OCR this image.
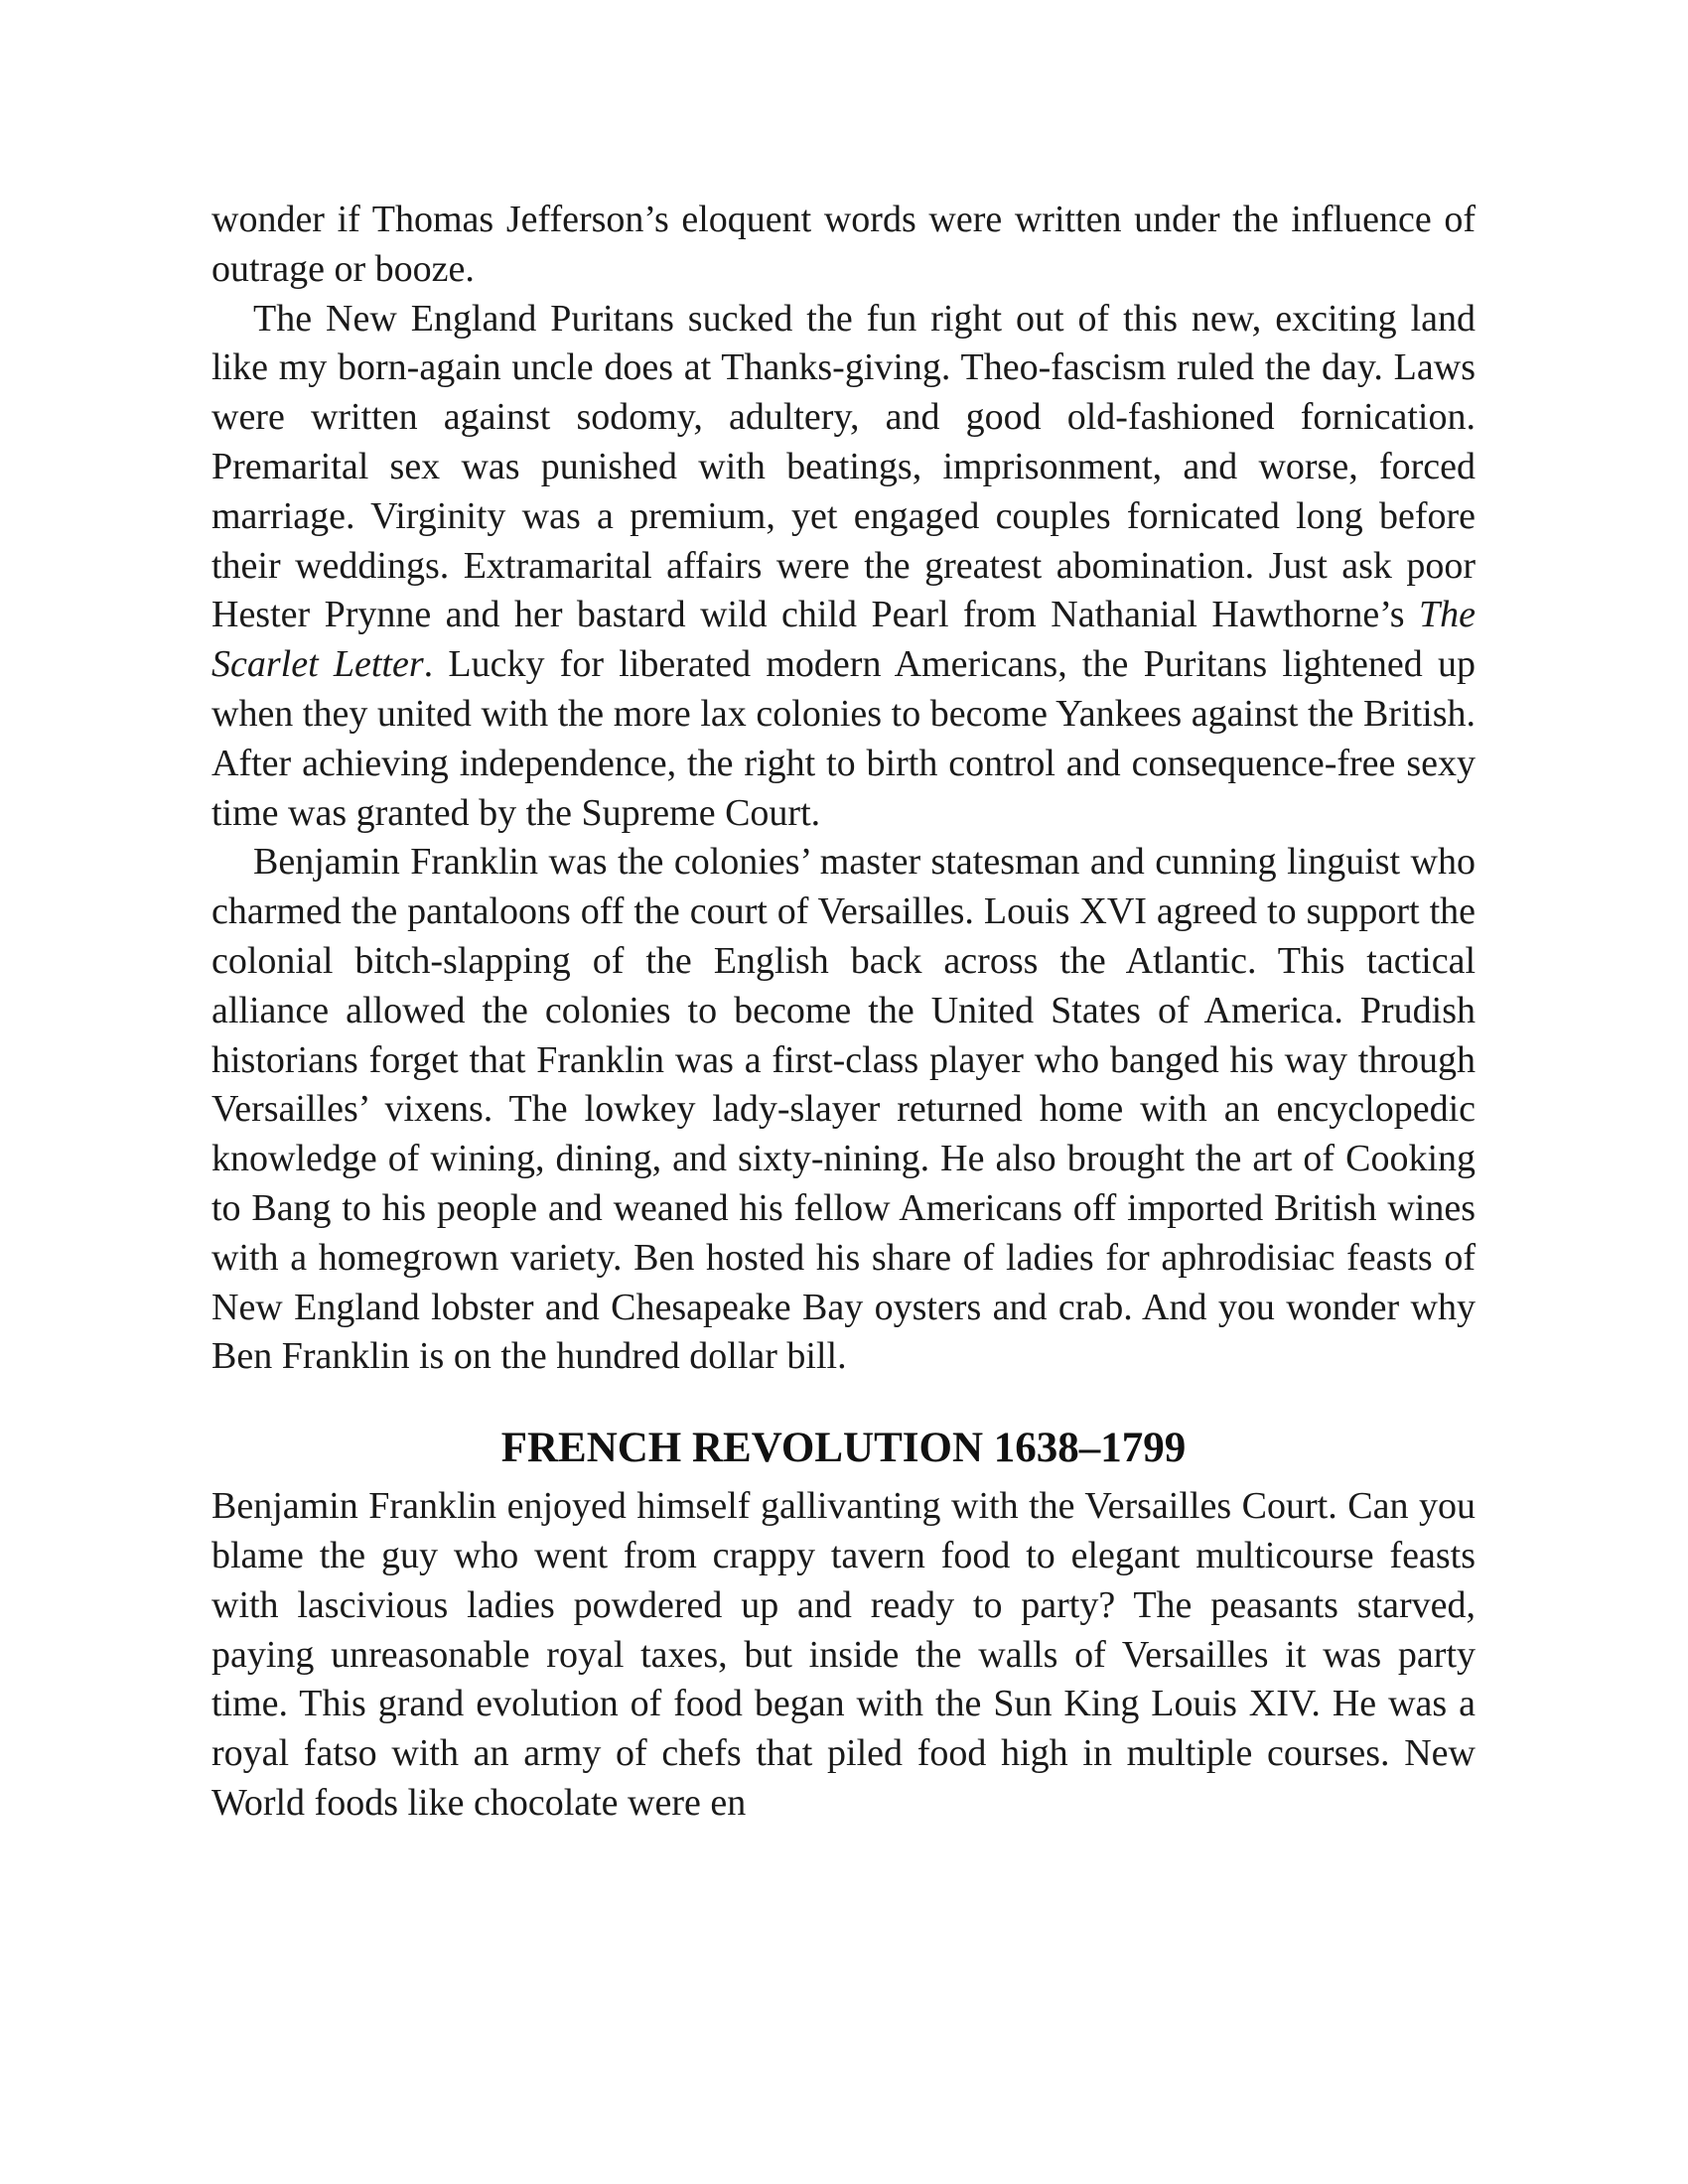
wonder if Thomas Jefferson’s eloquent words were written under the influence of outrage or booze.

The New England Puritans sucked the fun right out of this new, exciting land like my born-again uncle does at Thanks-giving. Theo-fascism ruled the day. Laws were written against sodomy, adultery, and good old-fashioned fornication. Premarital sex was punished with beatings, imprisonment, and worse, forced marriage. Virginity was a premium, yet engaged couples fornicated long before their weddings. Extramarital affairs were the greatest abomination. Just ask poor Hester Prynne and her bastard wild child Pearl from Nathanial Hawthorne’s The Scarlet Letter. Lucky for liberated modern Americans, the Puritans lightened up when they united with the more lax colonies to become Yankees against the British. After achieving independence, the right to birth control and consequence-free sexy time was granted by the Supreme Court.

Benjamin Franklin was the colonies’ master statesman and cunning linguist who charmed the pantaloons off the court of Versailles. Louis XVI agreed to support the colonial bitch-slapping of the English back across the Atlantic. This tactical alliance allowed the colonies to become the United States of America. Prudish historians forget that Franklin was a first-class player who banged his way through Versailles’ vixens. The lowkey lady-slayer returned home with an encyclopedic knowledge of wining, dining, and sixty-nining. He also brought the art of Cooking to Bang to his people and weaned his fellow Americans off imported British wines with a homegrown variety. Ben hosted his share of ladies for aphrodisiac feasts of New England lobster and Chesapeake Bay oysters and crab. And you wonder why Ben Franklin is on the hundred dollar bill.

FRENCH REVOLUTION 1638–1799

Benjamin Franklin enjoyed himself gallivanting with the Versailles Court. Can you blame the guy who went from crappy tavern food to elegant multicourse feasts with lascivious ladies powdered up and ready to party? The peasants starved, paying unreasonable royal taxes, but inside the walls of Versailles it was party time. This grand evolution of food began with the Sun King Louis XIV. He was a royal fatso with an army of chefs that piled food high in multiple courses. New World foods like chocolate were en
